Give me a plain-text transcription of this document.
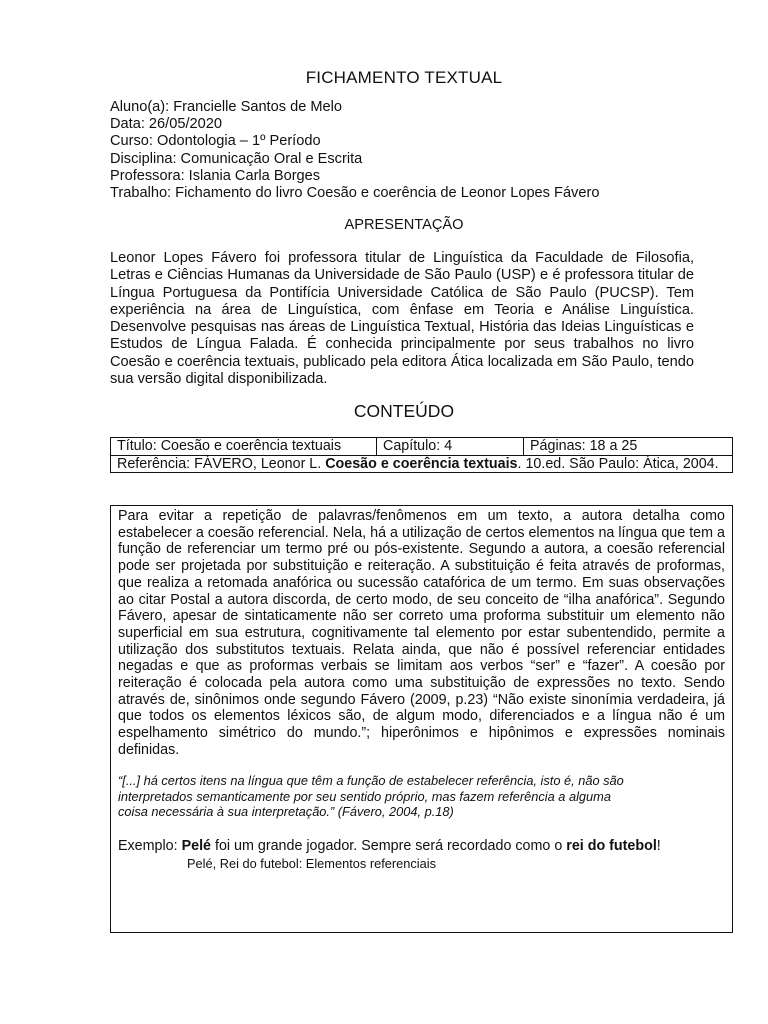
FICHAMENTO TEXTUAL
Aluno(a): Francielle Santos de Melo
Data: 26/05/2020
Curso: Odontologia – 1º Período
Disciplina: Comunicação Oral e Escrita
Professora: Islania Carla Borges
Trabalho: Fichamento do livro Coesão e coerência de Leonor Lopes Fávero
APRESENTAÇÃO
Leonor Lopes Fávero foi professora titular de Linguística da Faculdade de Filosofia, Letras e Ciências Humanas da Universidade de São Paulo (USP) e é professora titular de Língua Portuguesa da Pontifícia Universidade Católica de São Paulo (PUCSP). Tem experiência na área de Linguística, com ênfase em Teoria e Análise Linguística. Desenvolve pesquisas nas áreas de Linguística Textual, História das Ideias Linguísticas e Estudos de Língua Falada. É conhecida principalmente por seus trabalhos no livro Coesão e coerência textuais, publicado pela editora Ática localizada em São Paulo, tendo sua versão digital disponibilizada.
CONTEÚDO
Título: Coesão e coerência textuais	Capítulo: 4	Páginas: 18 a 25
Referência: FÁVERO, Leonor L. Coesão e coerência textuais. 10.ed. São Paulo: Ática, 2004.
Para evitar a repetição de palavras/fenômenos em um texto, a autora detalha como estabelecer a coesão referencial. Nela, há a utilização de certos elementos na língua que tem a função de referenciar um termo pré ou pós-existente. Segundo a autora, a coesão referencial pode ser projetada por substituição e reiteração. A substituição é feita através de proformas, que realiza a retomada anafórica ou sucessão catafórica de um termo. Em suas observações ao citar Postal a autora discorda, de certo modo, de seu conceito de “ilha anafórica”. Segundo Fávero, apesar de sintaticamente não ser correto uma proforma substituir um elemento não superficial em sua estrutura, cognitivamente tal elemento por estar subentendido, permite a utilização dos substitutos textuais. Relata ainda, que não é possível referenciar entidades negadas e que as proformas verbais se limitam aos verbos “ser” e “fazer”. A coesão por reiteração é colocada pela autora como uma substituição de expressões no texto. Sendo através de, sinônimos onde segundo Fávero (2009, p.23) “Não existe sinonímia verdadeira, já que todos os elementos léxicos são, de algum modo, diferenciados e a língua não é um espelhamento simétrico do mundo.”; hiperônimos e hipônimos e expressões nominais definidas.
“[...] há certos itens na língua que têm a função de estabelecer referência, isto é, não são
interpretados semanticamente por seu sentido próprio, mas fazem referência a alguma
coisa necessária à sua interpretação.” (Fávero, 2004, p.18)
Exemplo: Pelé foi um grande jogador. Sempre será recordado como o rei do futebol!
Pelé, Rei do futebol: Elementos referenciais
